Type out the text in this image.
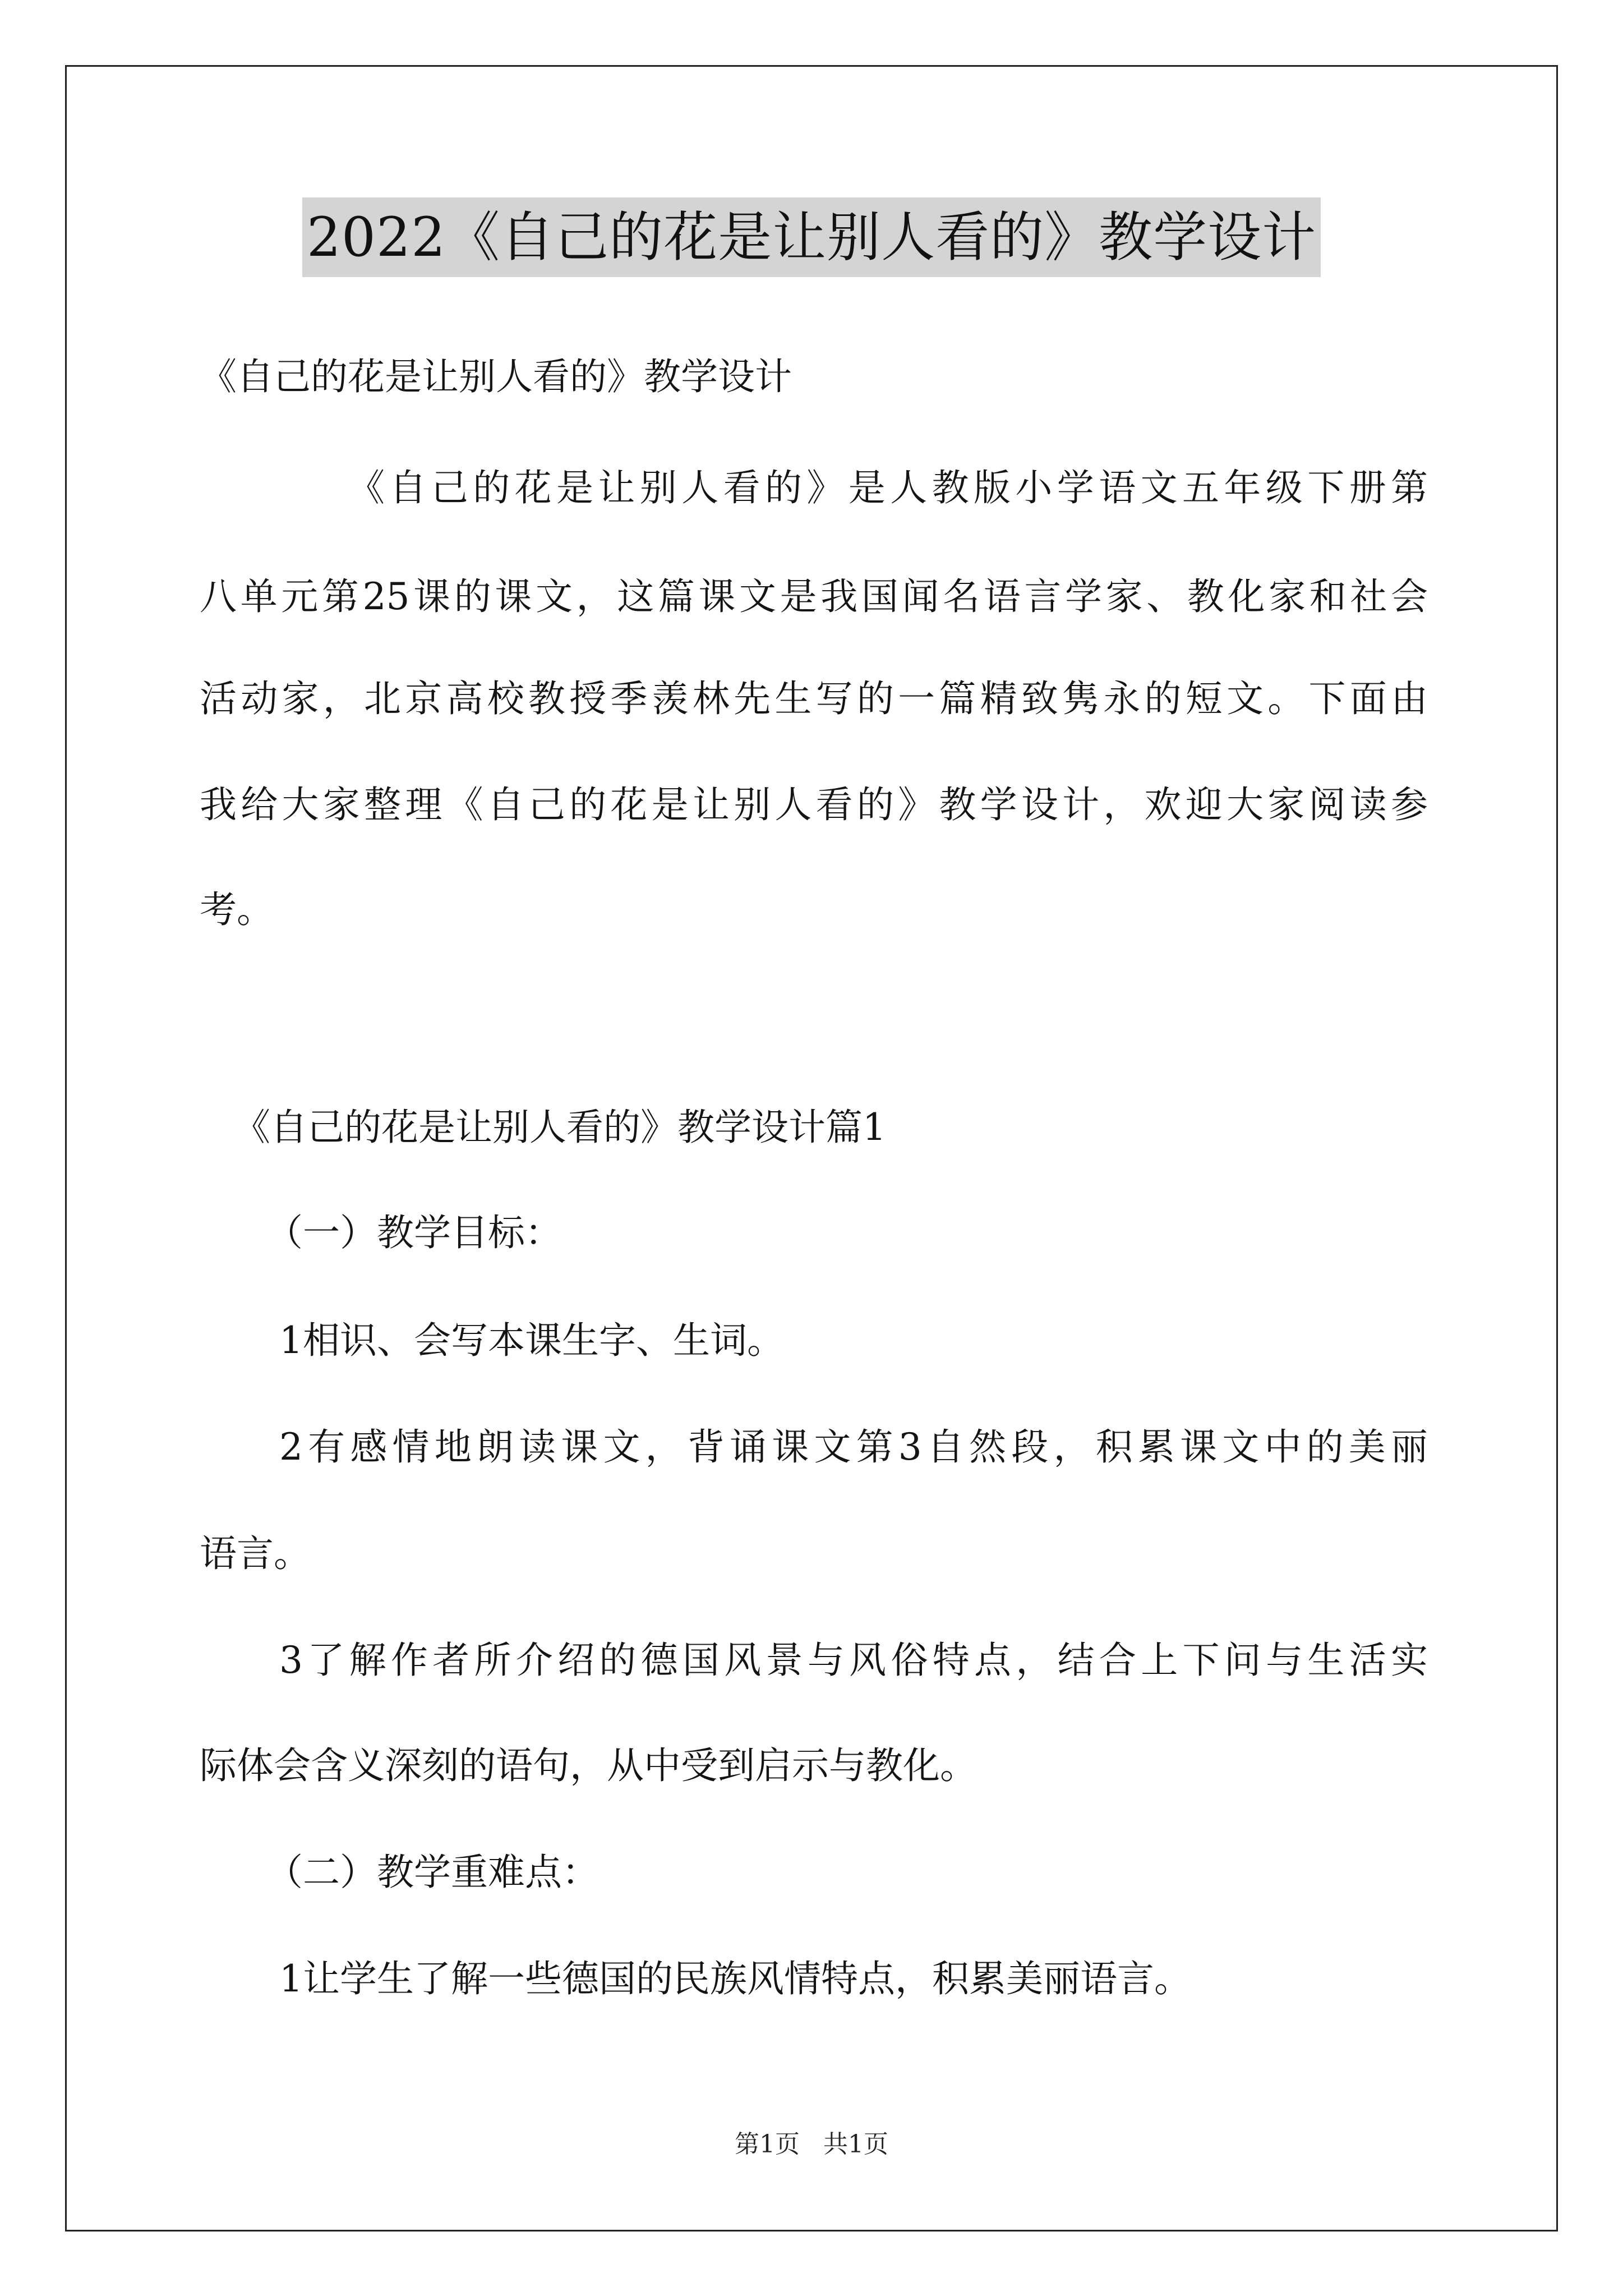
2022《自己的花是让别人看的》教学设计
《自己的花是让别人看的》教学设计
《自己的花是让别人看的》是人教版小学语文五年级下册第
八单元第25课的课文，这篇课文是我国闻名语言学家、教化家和社会
活动家，北京高校教授季羡林先生写的一篇精致隽永的短文。下面由
我给大家整理《自己的花是让别人看的》教学设计，欢迎大家阅读参
考。
《自己的花是让别人看的》教学设计篇1
（一）教学目标：
1相识、会写本课生字、生词。
2有感情地朗读课文，背诵课文第3自然段，积累课文中的美丽
语言。
3了解作者所介绍的德国风景与风俗特点，结合上下问与生活实
际体会含义深刻的语句，从中受到启示与教化。
（二）教学重难点：
1让学生了解一些德国的民族风情特点，积累美丽语言。
第1页 共1页
